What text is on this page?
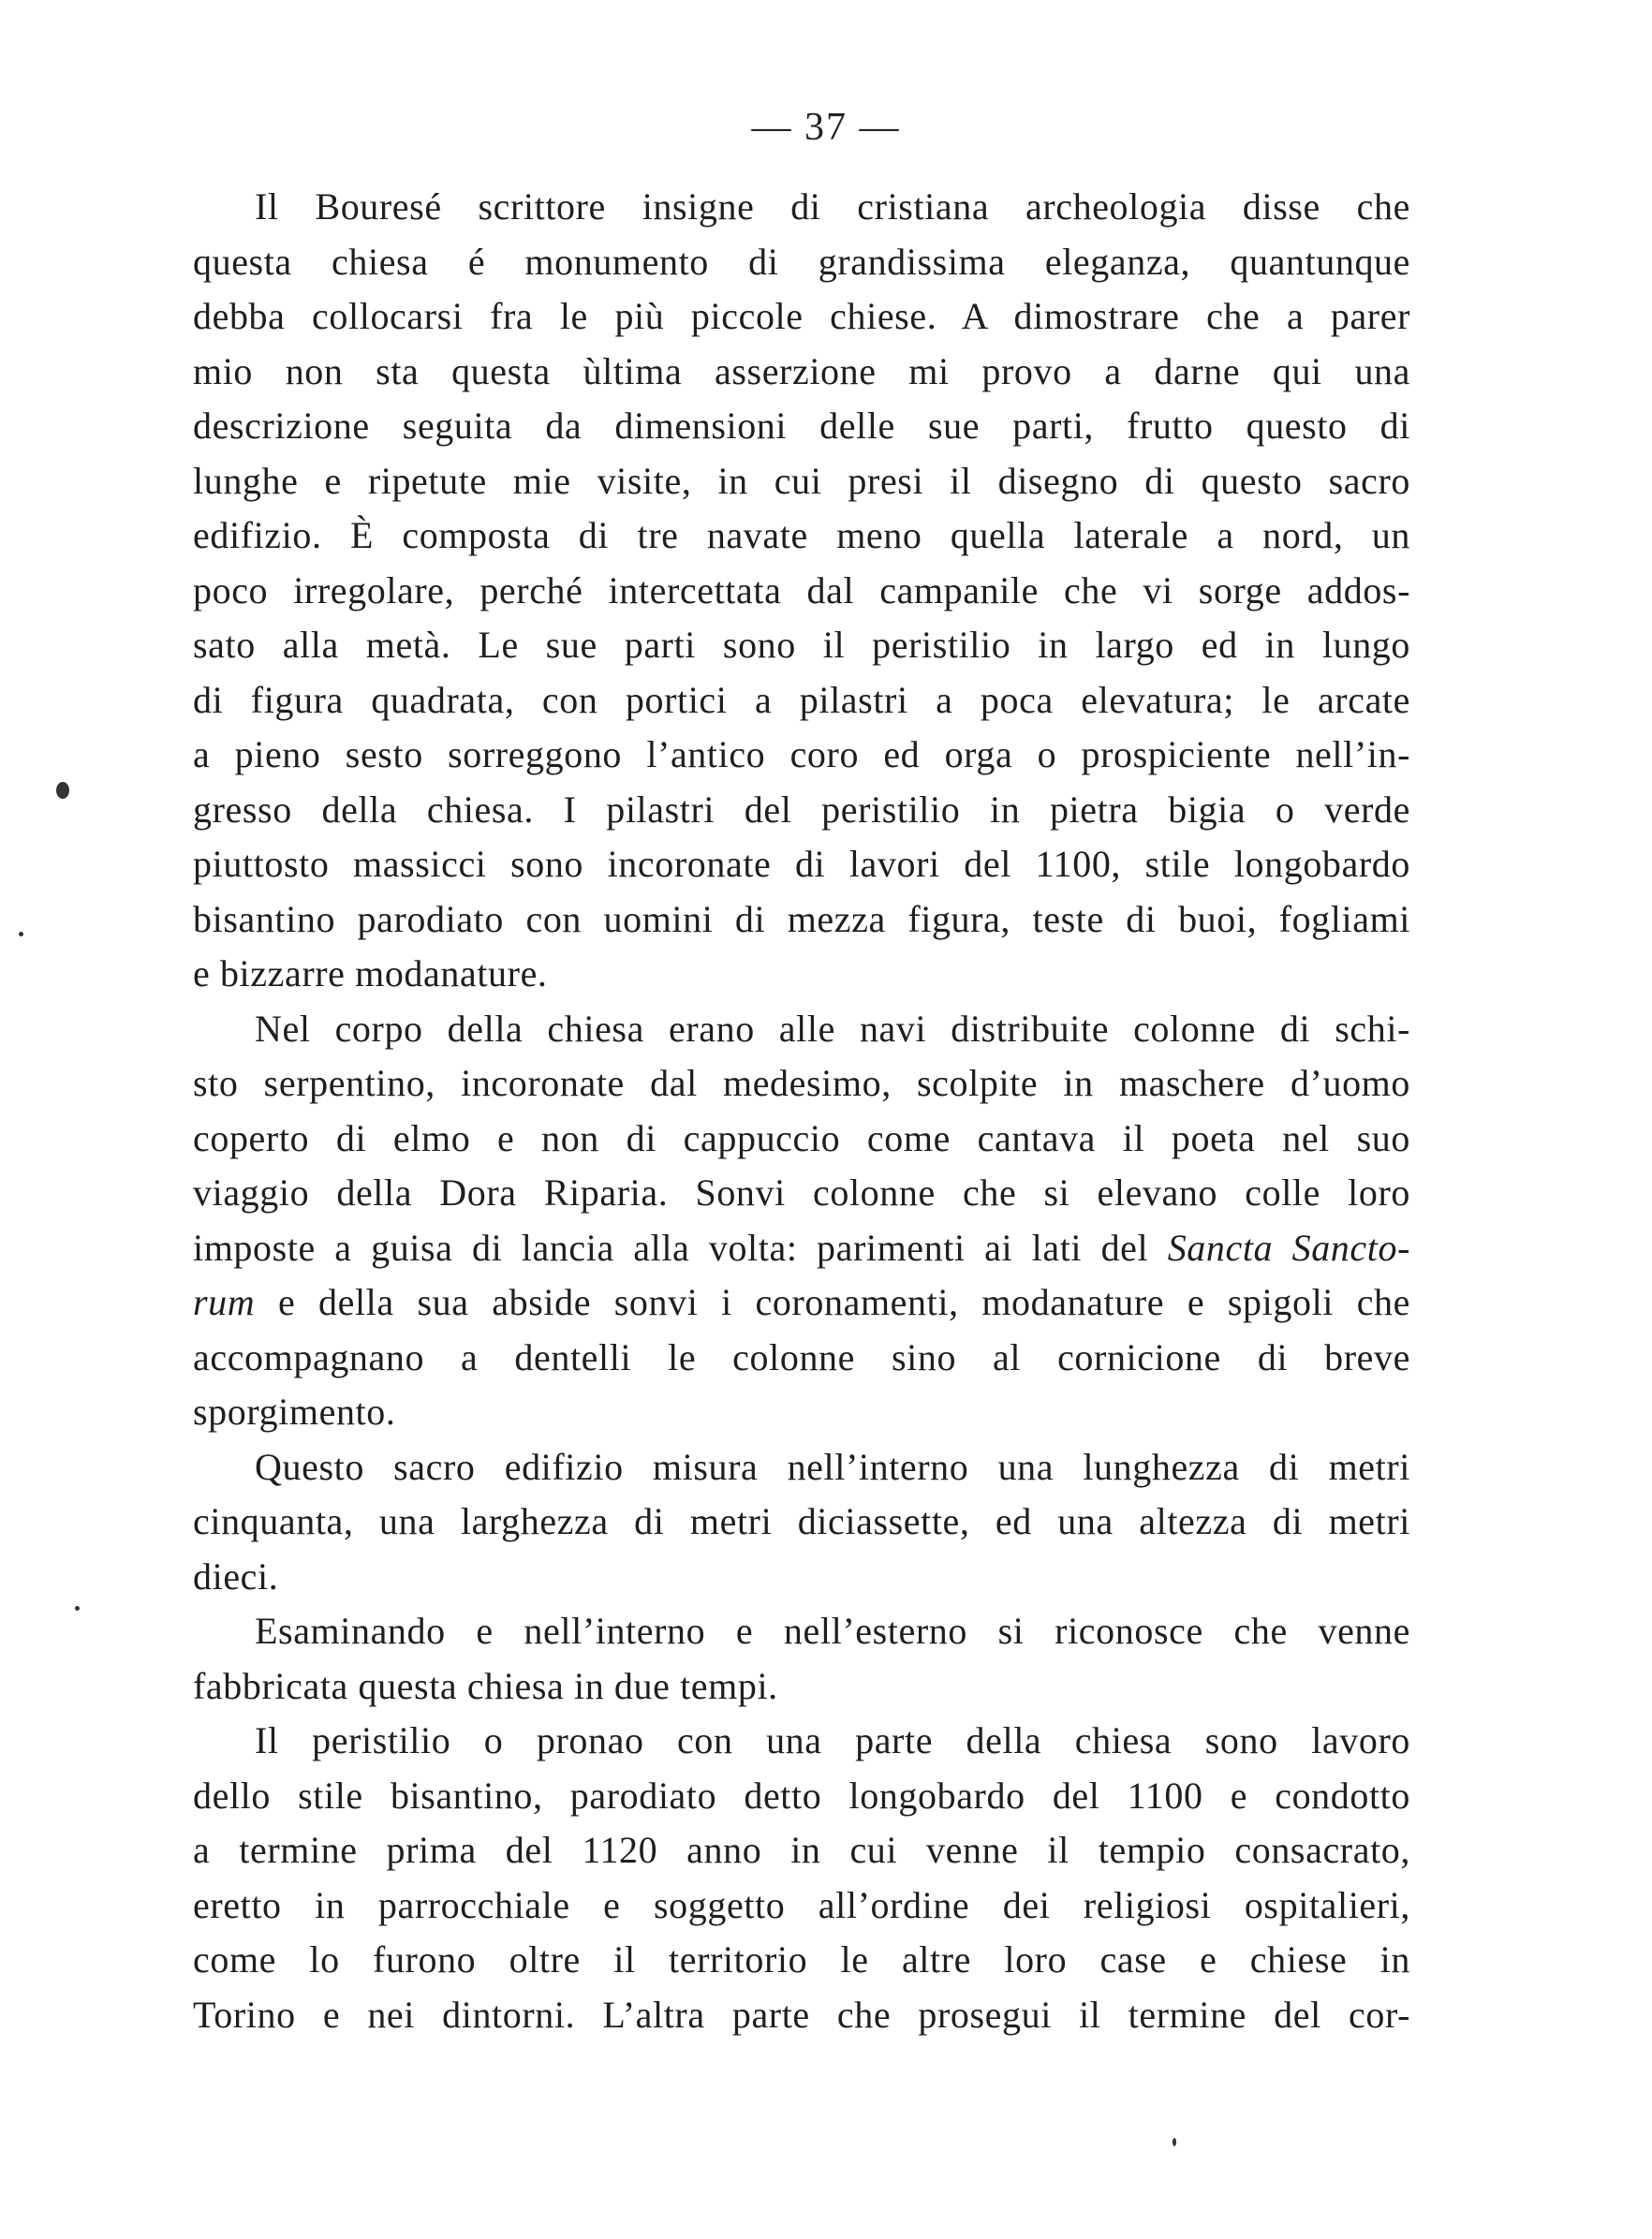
— 37 —
Il Bouresé scrittore insigne di cristiana archeologia disse che
questa chiesa é monumento di grandissima eleganza, quantunque
debba collocarsi fra le più piccole chiese. A dimostrare che a parer
mio non sta questa ùltima asserzione mi provo a darne qui una
descrizione seguita da dimensioni delle sue parti, frutto questo di
lunghe e ripetute mie visite, in cui presi il disegno di questo sacro
edifizio. È composta di tre navate meno quella laterale a nord, un
poco irregolare, perché intercettata dal campanile che vi sorge addos-
sato alla metà. Le sue parti sono il peristilio in largo ed in lungo
di figura quadrata, con portici a pilastri a poca elevatura; le arcate
a pieno sesto sorreggono l’antico coro ed orga o prospiciente nell’in-
gresso della chiesa. I pilastri del peristilio in pietra bigia o verde
piuttosto massicci sono incoronate di lavori del 1100, stile longobardo
bisantino parodiato con uomini di mezza figura, teste di buoi, fogliami
e bizzarre modanature.
Nel corpo della chiesa erano alle navi distribuite colonne di schi-
sto serpentino, incoronate dal medesimo, scolpite in maschere d’uomo
coperto di elmo e non di cappuccio come cantava il poeta nel suo
viaggio della Dora Riparia. Sonvi colonne che si elevano colle loro
imposte a guisa di lancia alla volta: parimenti ai lati del Sancta Sancto-
rum e della sua abside sonvi i coronamenti, modanature e spigoli che
accompagnano a dentelli le colonne sino al cornicione di breve
sporgimento.
Questo sacro edifizio misura nell’interno una lunghezza di metri
cinquanta, una larghezza di metri diciassette, ed una altezza di metri
dieci.
Esaminando e nell’interno e nell’esterno si riconosce che venne
fabbricata questa chiesa in due tempi.
Il peristilio o pronao con una parte della chiesa sono lavoro
dello stile bisantino, parodiato detto longobardo del 1100 e condotto
a termine prima del 1120 anno in cui venne il tempio consacrato,
eretto in parrocchiale e soggetto all’ordine dei religiosi ospitalieri,
come lo furono oltre il territorio le altre loro case e chiese in
Torino e nei dintorni. L’altra parte che prosegui il termine del cor-
